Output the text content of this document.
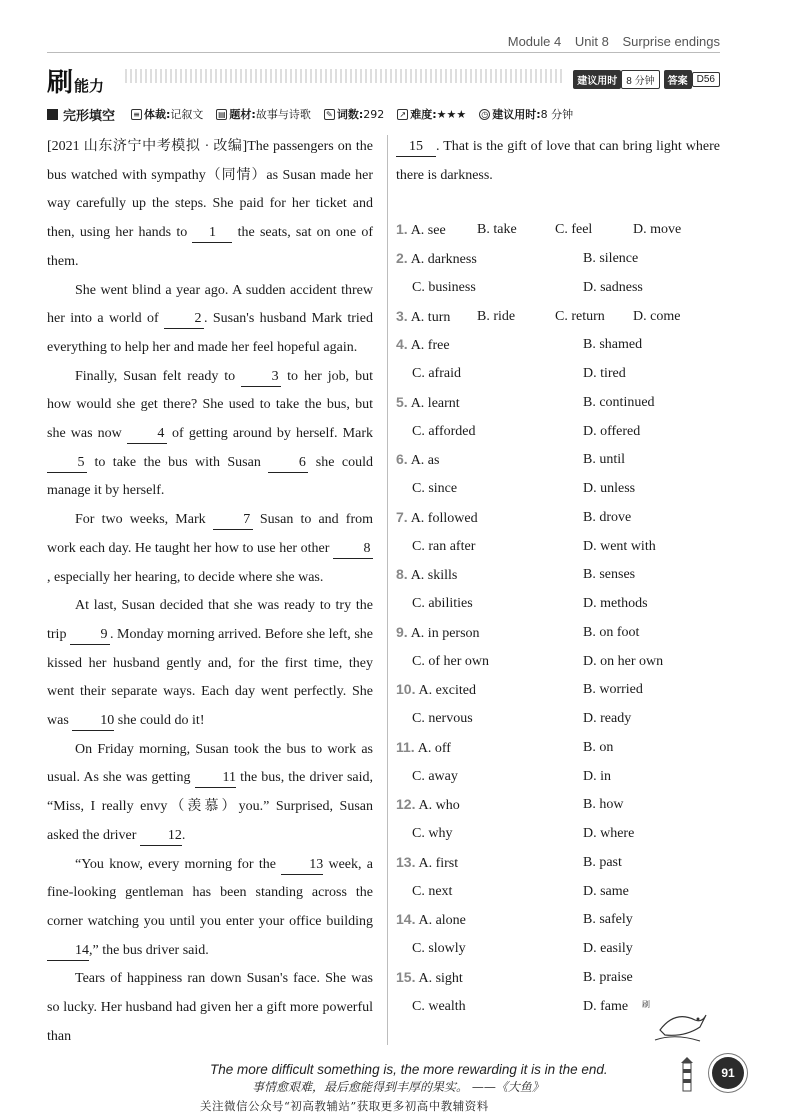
Module 4 Unit 8 Surprise endings
刷 能力	建议用时 8 分钟	答案 D56
完形填空 ≡ 体裁: 记叙文 ▤ 题材: 故事与诗歌 ✎ 词数: 292 ↗ 难度: ★★★ ◷ 建议用时: 8 分钟

[2021 山东济宁中考模拟 · 改编]The passengers on the bus watched with sympathy（同情）as Susan made her way carefully up the steps. She paid for her ticket and then, using her hands to 1 the seats, sat on one of them.

She went blind a year ago. A sudden accident threw her into a world of 2 . Susan's husband Mark tried everything to help her and made her feel hopeful again.

Finally, Susan felt ready to 3 to her job, but how would she get there? She used to take the bus, but she was now 4 of getting around by herself. Mark 5 to take the bus with Susan 6 she could manage it by herself.

For two weeks, Mark 7 Susan to and from work each day. He taught her how to use her other 8, especially her hearing, to decide where she was.

At last, Susan decided that she was ready to try the trip 9 . Monday morning arrived. Before she left, she kissed her husband gently and, for the first time, they went their separate ways. Each day went perfectly. She was 10 she could do it!

On Friday morning, Susan took the bus to work as usual. As she was getting 11 the bus, the driver said, “Miss, I really envy（羡慕）you.” Surprised, Susan asked the driver 12.

“You know, every morning for the 13 week, a fine-looking gentleman has been standing across the corner watching you until you enter your office building 14,” the bus driver said.

Tears of happiness ran down Susan's face. She was so lucky. Her husband had given her a gift more powerful than

15 . That is the gift of love that can bring light where there is darkness.
1. A. see	B. take	C. feel	D. move
2. A. darkness	B. silence
C. business	D. sadness
3. A. turn	B. ride	C. return	D. come
4. A. free	B. shamed
C. afraid	D. tired
5. A. learnt	B. continued
C. afforded	D. offered
6. A. as	B. until
C. since	D. unless
7. A. followed	B. drove
C. ran after	D. went with
8. A. skills	B. senses
C. abilities	D. methods
9. A. in person	B. on foot
C. of her own	D. on her own
10. A. excited	B. worried
C. nervous	D. ready
11. A. off	B. on
C. away	D. in
12. A. who	B. how
C. why	D. where
13. A. first	B. past
C. next	D. same
14. A. alone	B. safely
C. slowly	D. easily
15. A. sight	B. praise
C. wealth	D. fame 刷
The more difficult something is, the more rewarding it is in the end.
事情愈艰难，最后愈能得到丰厚的果实。 ——《大鱼》
关注微信公众号“初高教辅站”获取更多初高中教辅资料
91
